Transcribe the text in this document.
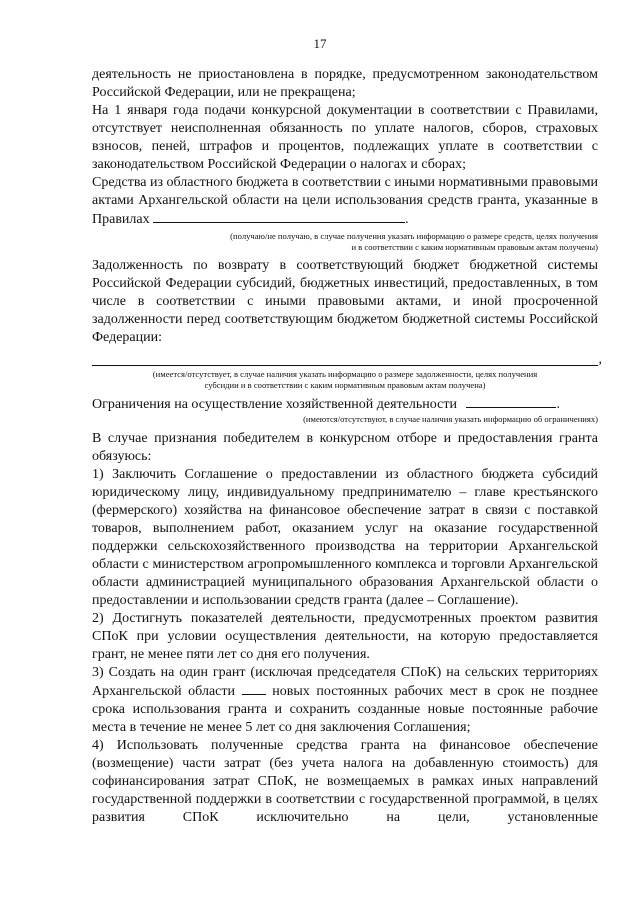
17

деятельность не приостановлена в порядке, предусмотренном законодательством Российской Федерации, или не прекращена;

На 1 января года подачи конкурсной документации в соответствии с Правилами, отсутствует неисполненная обязанность по уплате налогов, сборов, страховых взносов, пеней, штрафов и процентов, подлежащих уплате в соответствии с законодательством Российской Федерации о налогах и сборах;

Средства из областного бюджета в соответствии с иными нормативными правовыми актами Архангельской области на цели использования средств гранта, указанные в Правилах	.

(получаю/не получаю, в случае получения указать информацию о размере средств, целях получения

и в соответствии с каким нормативным правовым актам получены)

Задолженность по возврату в соответствующий бюджет бюджетной системы Российской Федерации субсидий, бюджетных инвестиций, предоставленных, в том числе в соответствии с иными правовыми актами, и иной просроченной задолженности перед соответствующим бюджетом бюджетной системы Российской Федерации:

,

(имеется/отсутствует, в случае наличия указать информацию о размере задолженности, целях получения

субсидии и в соответствии с каким нормативным правовым актам получена)

Ограничения на осуществление хозяйственной деятельности	.

(имеются/отсутствуют, в случае наличия указать информацию об ограничениях)

В случае признания победителем в конкурсном отборе и предоставления гранта обязуюсь:

1) Заключить Соглашение о предоставлении из областного бюджета субсидий юридическому лицу, индивидуальному предпринимателю – главе крестьянского (фермерского) хозяйства на финансовое обеспечение затрат в связи с поставкой товаров, выполнением работ, оказанием услуг на оказание государственной поддержки сельскохозяйственного производства на территории Архангельской области с министерством агропромышленного комплекса и торговли Архангельской области администрацией муниципального образования Архангельской области о предоставлении и использовании средств гранта (далее – Соглашение).

2) Достигнуть показателей деятельности, предусмотренных проектом развития СПоК при условии осуществления деятельности, на которую предоставляется грант, не менее пяти лет со дня его получения.

3) Создать на один грант (исключая председателя СПоК) на сельских территориях Архангельской области	новых постоянных рабочих мест в срок не позднее срока использования гранта и сохранить созданные новые постоянные рабочие места в течение не менее 5 лет со дня заключения Соглашения;

4) Использовать полученные средства гранта на финансовое обеспечение (возмещение) части затрат (без учета налога на добавленную стоимость) для софинансирования затрат СПоК, не возмещаемых в рамках иных направлений государственной поддержки в соответствии с государственной программой, в целях развития СПоК исключительно на цели, установленные
